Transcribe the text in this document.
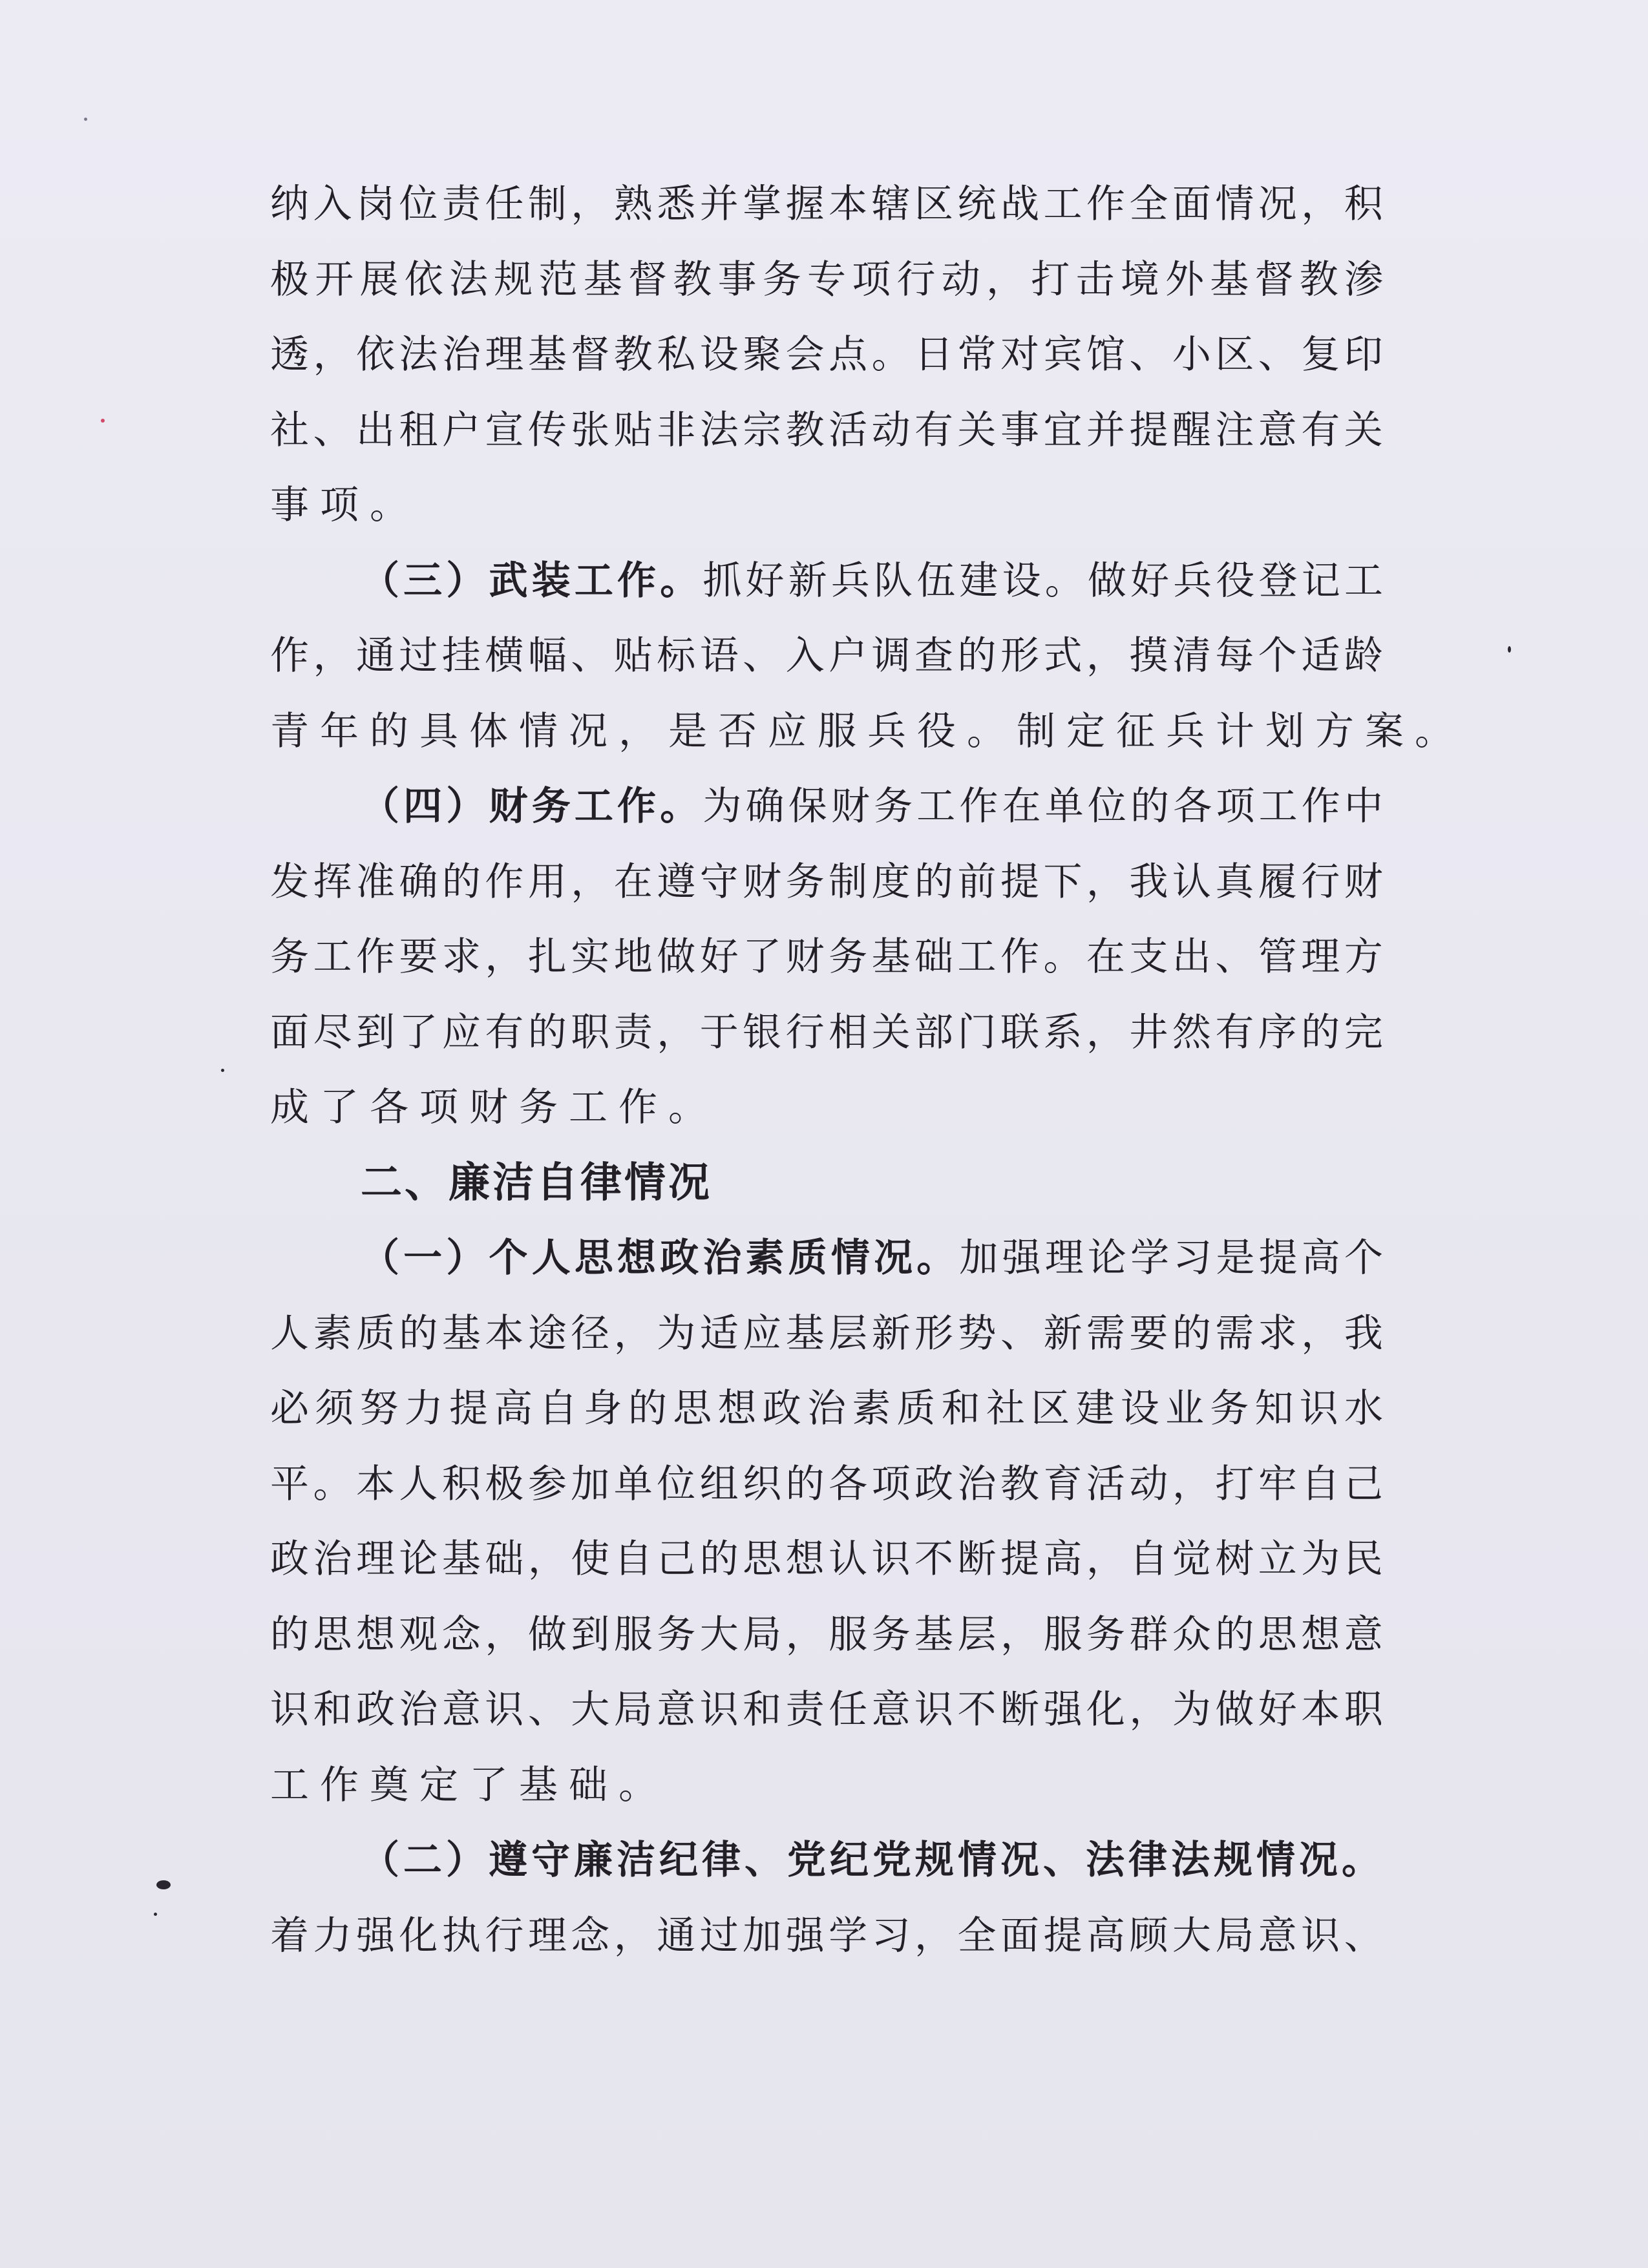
纳 入 岗 位 责 任 制 ， 熟 悉 并 掌 握 本 辖 区 统 战 工 作 全 面 情 况 ， 积
极 开 展 依 法 规 范 基 督 教 事 务 专 项 行 动 ， 打 击 境 外 基 督 教 渗
透 ， 依 法 治 理 基 督 教 私 设 聚 会 点 。 日 常 对 宾 馆 、 小 区 、 复 印
社 、 出 租 户 宣 传 张 贴 非 法 宗 教 活 动 有 关 事 宜 并 提 醒 注 意 有 关
事项。
（ 三 ） 武 装 工 作 。 抓 好 新 兵 队 伍 建 设 。 做 好 兵 役 登 记 工
作 ， 通 过 挂 横 幅 、 贴 标 语 、 入 户 调 查 的 形 式 ， 摸 清 每 个 适 龄
青年的具体情况，是否应服兵役。制定征兵计划方案。
（ 四 ） 财 务 工 作 。 为 确 保 财 务 工 作 在 单 位 的 各 项 工 作 中
发 挥 准 确 的 作 用 ， 在 遵 守 财 务 制 度 的 前 提 下 ， 我 认 真 履 行 财
务 工 作 要 求 ， 扎 实 地 做 好 了 财 务 基 础 工 作 。 在 支 出 、 管 理 方
面 尽 到 了 应 有 的 职 责 ， 于 银 行 相 关 部 门 联 系 ， 井 然 有 序 的 完
成了各项财务工作。
二、廉洁自律情况
（ 一 ） 个 人 思 想 政 治 素 质 情 况 。 加 强 理 论 学 习 是 提 高 个
人 素 质 的 基 本 途 径 ， 为 适 应 基 层 新 形 势 、 新 需 要 的 需 求 ， 我
必 须 努 力 提 高 自 身 的 思 想 政 治 素 质 和 社 区 建 设 业 务 知 识 水
平 。 本 人 积 极 参 加 单 位 组 织 的 各 项 政 治 教 育 活 动 ， 打 牢 自 己
政 治 理 论 基 础 ， 使 自 己 的 思 想 认 识 不 断 提 高 ， 自 觉 树 立 为 民
的 思 想 观 念 ， 做 到 服 务 大 局 ， 服 务 基 层 ， 服 务 群 众 的 思 想 意
识 和 政 治 意 识 、 大 局 意 识 和 责 任 意 识 不 断 强 化 ， 为 做 好 本 职
工作奠定了基础。
（二）遵守廉洁纪律、党纪党规情况、法律法规情况。
着 力 强 化 执 行 理 念 ， 通 过 加 强 学 习 ， 全 面 提 高 顾 大 局 意 识 、
